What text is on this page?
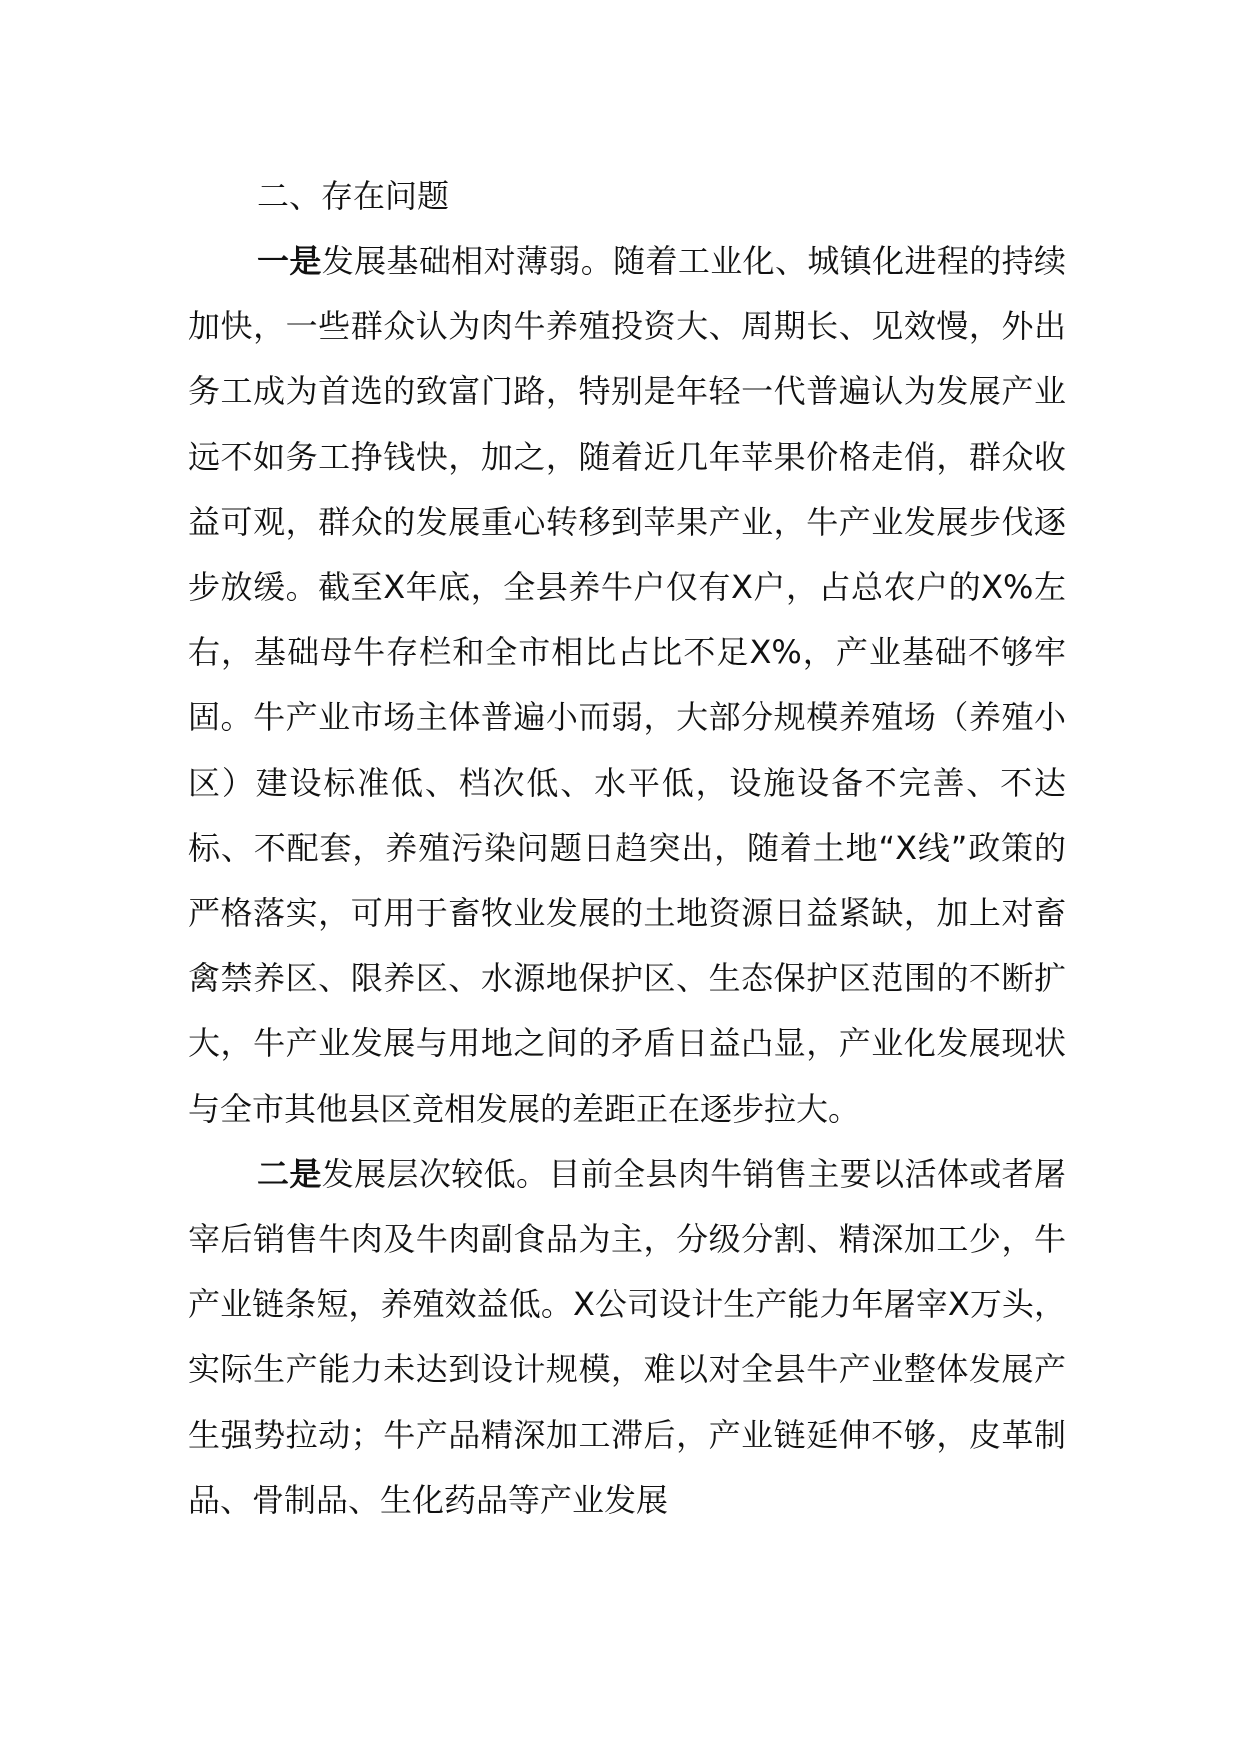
二、存在问题

一是发展基础相对薄弱。随着工业化、城镇化进程的持续加快，一些群众认为肉牛养殖投资大、周期长、见效慢，外出务工成为首选的致富门路，特别是年轻一代普遍认为发展产业远不如务工挣钱快，加之，随着近几年苹果价格走俏，群众收益可观，群众的发展重心转移到苹果产业，牛产业发展步伐逐步放缓。截至X年底，全县养牛户仅有X户，占总农户的X%左右，基础母牛存栏和全市相比占比不足X%，产业基础不够牢固。牛产业市场主体普遍小而弱，大部分规模养殖场（养殖小区）建设标准低、档次低、水平低，设施设备不完善、不达标、不配套，养殖污染问题日趋突出，随着土地“X线”政策的严格落实，可用于畜牧业发展的土地资源日益紧缺，加上对畜禽禁养区、限养区、水源地保护区、生态保护区范围的不断扩大，牛产业发展与用地之间的矛盾日益凸显，产业化发展现状与全市其他县区竞相发展的差距正在逐步拉大。

二是发展层次较低。目前全县肉牛销售主要以活体或者屠宰后销售牛肉及牛肉副食品为主，分级分割、精深加工少，牛产业链条短，养殖效益低。X公司设计生产能力年屠宰X万头，实际生产能力未达到设计规模，难以对全县牛产业整体发展产生强势拉动；牛产品精深加工滞后，产业链延伸不够，皮革制品、骨制品、生化药品等产业发展
